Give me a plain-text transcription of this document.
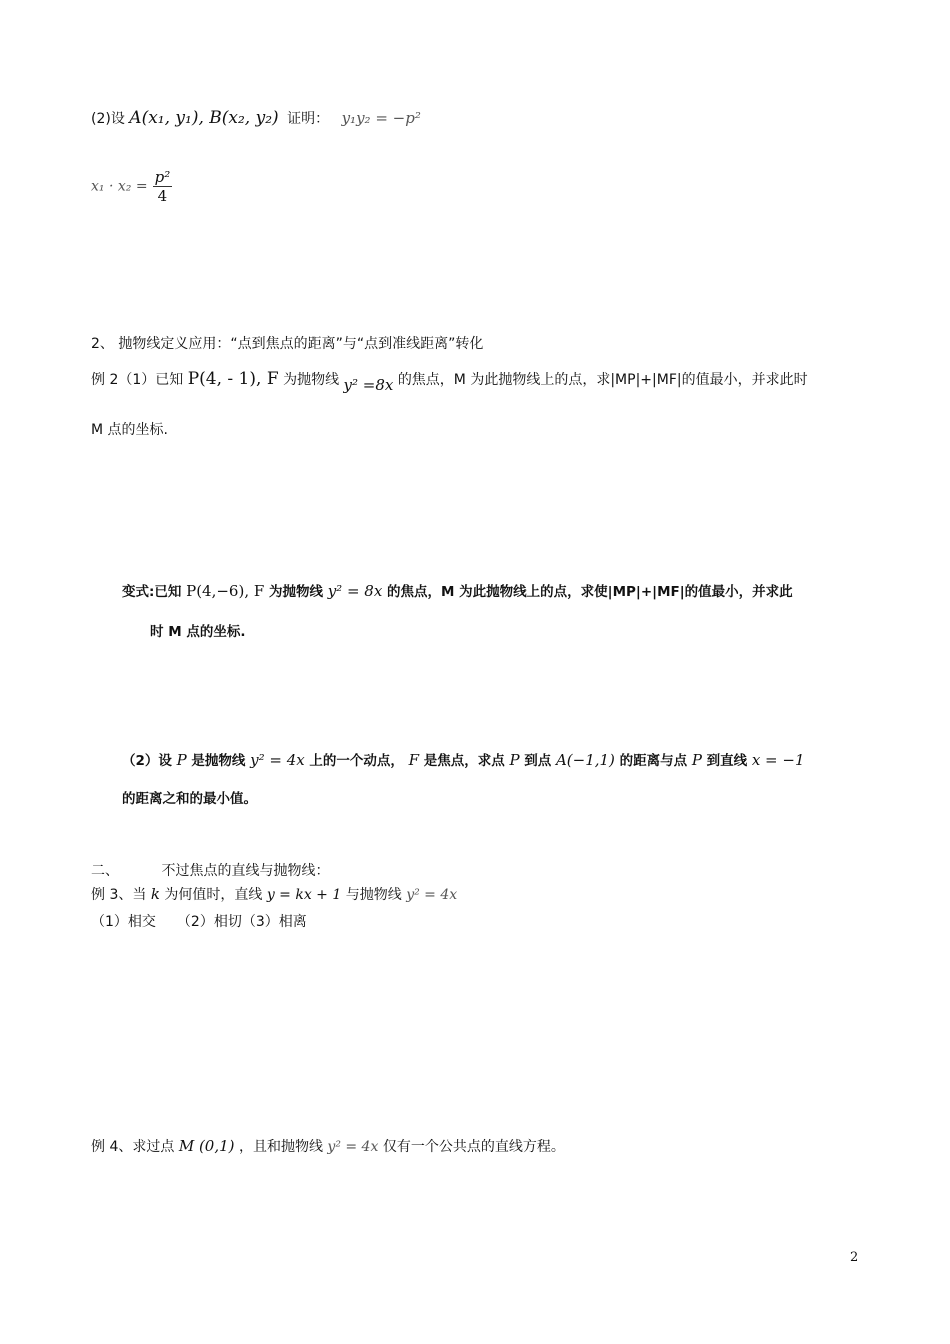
(2)设 A(x₁, y₁), B(x₂, y₂) 证明： y₁y₂ = −p²
$x_1 \cdot x_2 = \frac{\text{p²}}{4}$
2、 抛物线定义应用：“点到焦点的距离”与“点到准线距离”转化
例 2（1）已知 P(4, - 1), F 为抛物线 y² =8x 的焦点，M 为此抛物线上的点，求|MP|+|MF|的值最小，并求此时
M 点的坐标.
变式:已知 P(4,−6), F 为抛物线 y² = 8x 的焦点，M 为此抛物线上的点，求使|MP|+|MF|的值最小，并求此
时 M 点的坐标.
（2）设 P 是抛物线 y² = 4x 上的一个动点， F 是焦点，求点 P 到点 A(−1,1) 的距离与点 P 到直线 x = −1
的距离之和的最小值。
二、	不过焦点的直线与抛物线：
例 3、当 k 为何值时，直线 y = kx + 1 与抛物线 y² = 4x
（1）相交　　（2）相切（3）相离
例 4、求过点 M (0,1) ，且和抛物线 y² = 4x 仅有一个公共点的直线方程。
2
